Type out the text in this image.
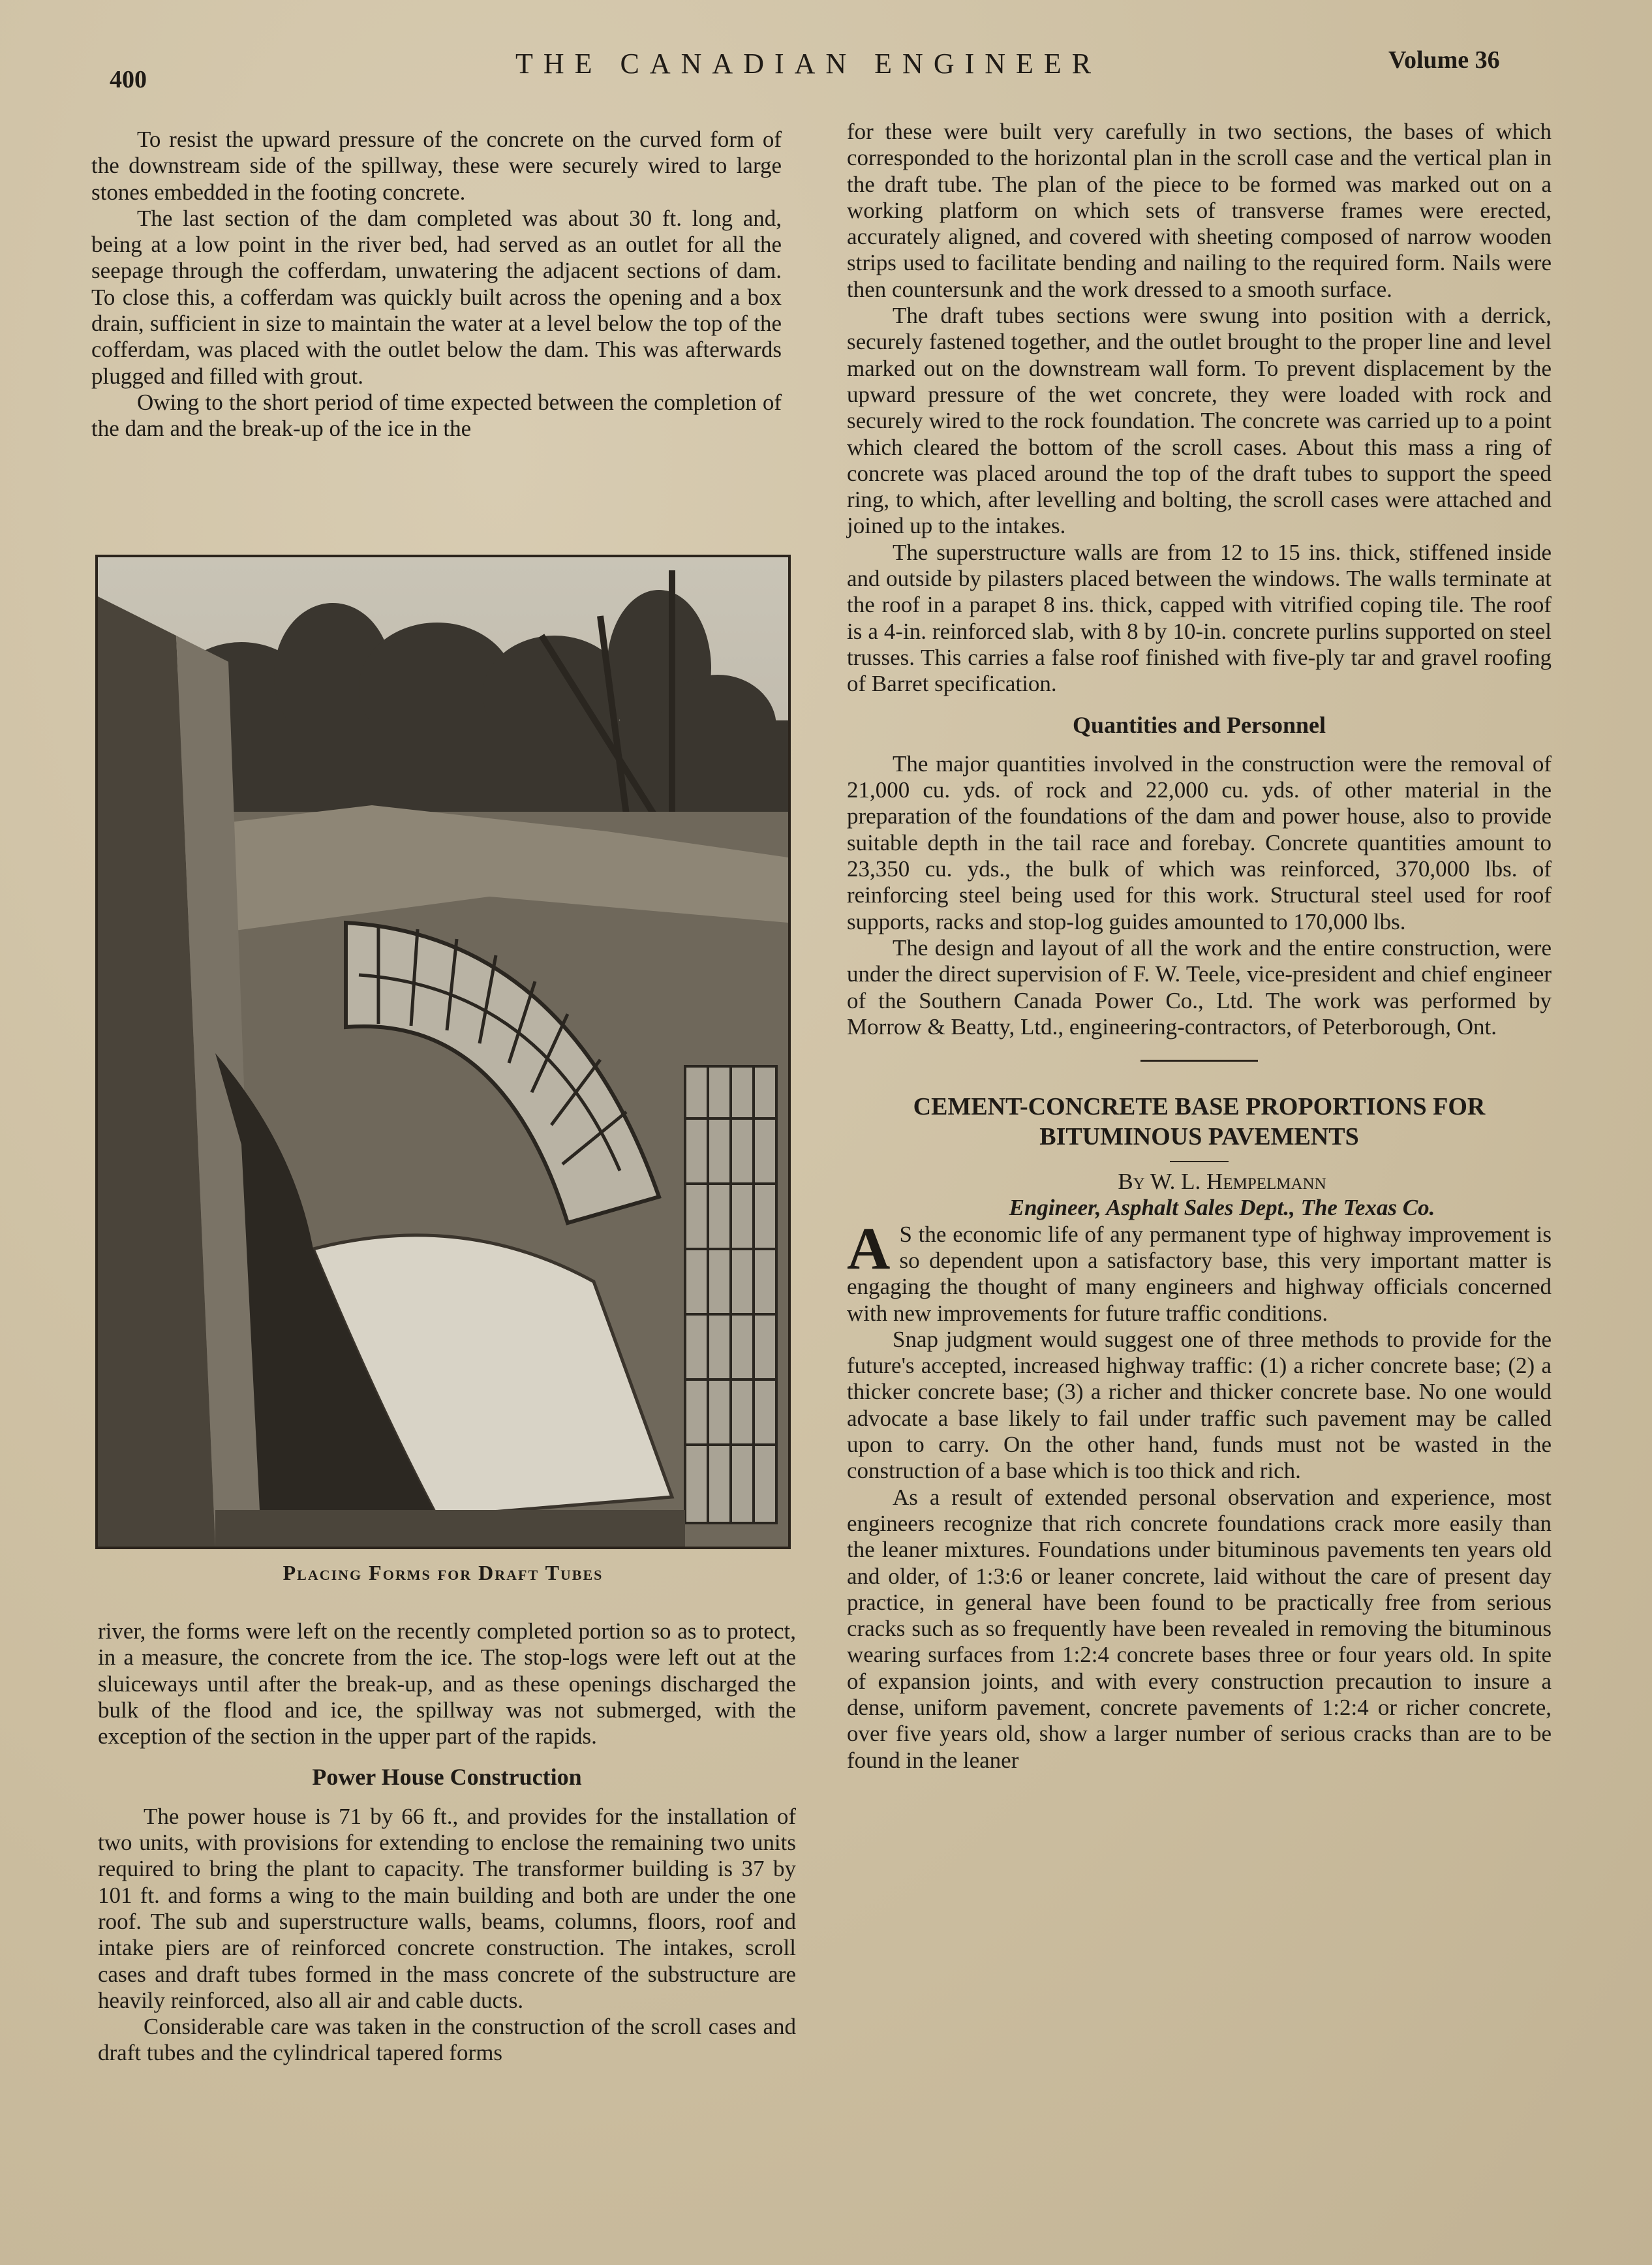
400	THE CANADIAN ENGINEER	Volume 36

To resist the upward pressure of the concrete on the curved form of the downstream side of the spillway, these were securely wired to large stones embedded in the footing concrete.

The last section of the dam completed was about 30 ft. long and, being at a low point in the river bed, had served as an outlet for all the seepage through the cofferdam, unwatering the adjacent sections of dam. To close this, a cofferdam was quickly built across the opening and a box drain, sufficient in size to maintain the water at a level below the top of the cofferdam, was placed with the outlet below the dam. This was afterwards plugged and filled with grout.

Owing to the short period of time expected between the completion of the dam and the break-up of the ice in the

Placing Forms for Draft Tubes

river, the forms were left on the recently completed portion so as to protect, in a measure, the concrete from the ice. The stop-logs were left out at the sluiceways until after the break-up, and as these openings discharged the bulk of the flood and ice, the spillway was not submerged, with the exception of the section in the upper part of the rapids.

Power House Construction

The power house is 71 by 66 ft., and provides for the installation of two units, with provisions for extending to enclose the remaining two units required to bring the plant to capacity. The transformer building is 37 by 101 ft. and forms a wing to the main building and both are under the one roof. The sub and superstructure walls, beams, columns, floors, roof and intake piers are of reinforced concrete construction. The intakes, scroll cases and draft tubes formed in the mass concrete of the substructure are heavily reinforced, also all air and cable ducts.

Considerable care was taken in the construction of the scroll cases and draft tubes and the cylindrical tapered forms

for these were built very carefully in two sections, the bases of which corresponded to the horizontal plan in the scroll case and the vertical plan in the draft tube. The plan of the piece to be formed was marked out on a working platform on which sets of transverse frames were erected, accurately aligned, and covered with sheeting composed of narrow wooden strips used to facilitate bending and nailing to the required form. Nails were then countersunk and the work dressed to a smooth surface.

The draft tubes sections were swung into position with a derrick, securely fastened together, and the outlet brought to the proper line and level marked out on the downstream wall form. To prevent displacement by the upward pressure of the wet concrete, they were loaded with rock and securely wired to the rock foundation. The concrete was carried up to a point which cleared the bottom of the scroll cases. About this mass a ring of concrete was placed around the top of the draft tubes to support the speed ring, to which, after levelling and bolting, the scroll cases were attached and joined up to the intakes.

The superstructure walls are from 12 to 15 ins. thick, stiffened inside and outside by pilasters placed between the windows. The walls terminate at the roof in a parapet 8 ins. thick, capped with vitrified coping tile. The roof is a 4-in. reinforced slab, with 8 by 10-in. concrete purlins supported on steel trusses. This carries a false roof finished with five-ply tar and gravel roofing of Barret specification.

Quantities and Personnel

The major quantities involved in the construction were the removal of 21,000 cu. yds. of rock and 22,000 cu. yds. of other material in the preparation of the foundations of the dam and power house, also to provide suitable depth in the tail race and forebay. Concrete quantities amount to 23,350 cu. yds., the bulk of which was reinforced, 370,000 lbs. of reinforcing steel being used for this work. Structural steel used for roof supports, racks and stop-log guides amounted to 170,000 lbs.

The design and layout of all the work and the entire construction, were under the direct supervision of F. W. Teele, vice-president and chief engineer of the Southern Canada Power Co., Ltd. The work was performed by Morrow & Beatty, Ltd., engineering-contractors, of Peterborough, Ont.

CEMENT-CONCRETE BASE PROPORTIONS FOR BITUMINOUS PAVEMENTS

By W. L. Hempelmann

Engineer, Asphalt Sales Dept., The Texas Co.

A S the economic life of any permanent type of highway improvement is so dependent upon a satisfactory base, this very important matter is engaging the thought of many engineers and highway officials concerned with new improvements for future traffic conditions.

Snap judgment would suggest one of three methods to provide for the future's accepted, increased highway traffic: (1) a richer concrete base; (2) a thicker concrete base; (3) a richer and thicker concrete base. No one would advocate a base likely to fail under traffic such pavement may be called upon to carry. On the other hand, funds must not be wasted in the construction of a base which is too thick and rich.

As a result of extended personal observation and experience, most engineers recognize that rich concrete foundations crack more easily than the leaner mixtures. Foundations under bituminous pavements ten years old and older, of 1:3:6 or leaner concrete, laid without the care of present day practice, in general have been found to be practically free from serious cracks such as so frequently have been revealed in removing the bituminous wearing surfaces from 1:2:4 concrete bases three or four years old. In spite of expansion joints, and with every construction precaution to insure a dense, uniform pavement, concrete pavements of 1:2:4 or richer concrete, over five years old, show a larger number of serious cracks than are to be found in the leaner
